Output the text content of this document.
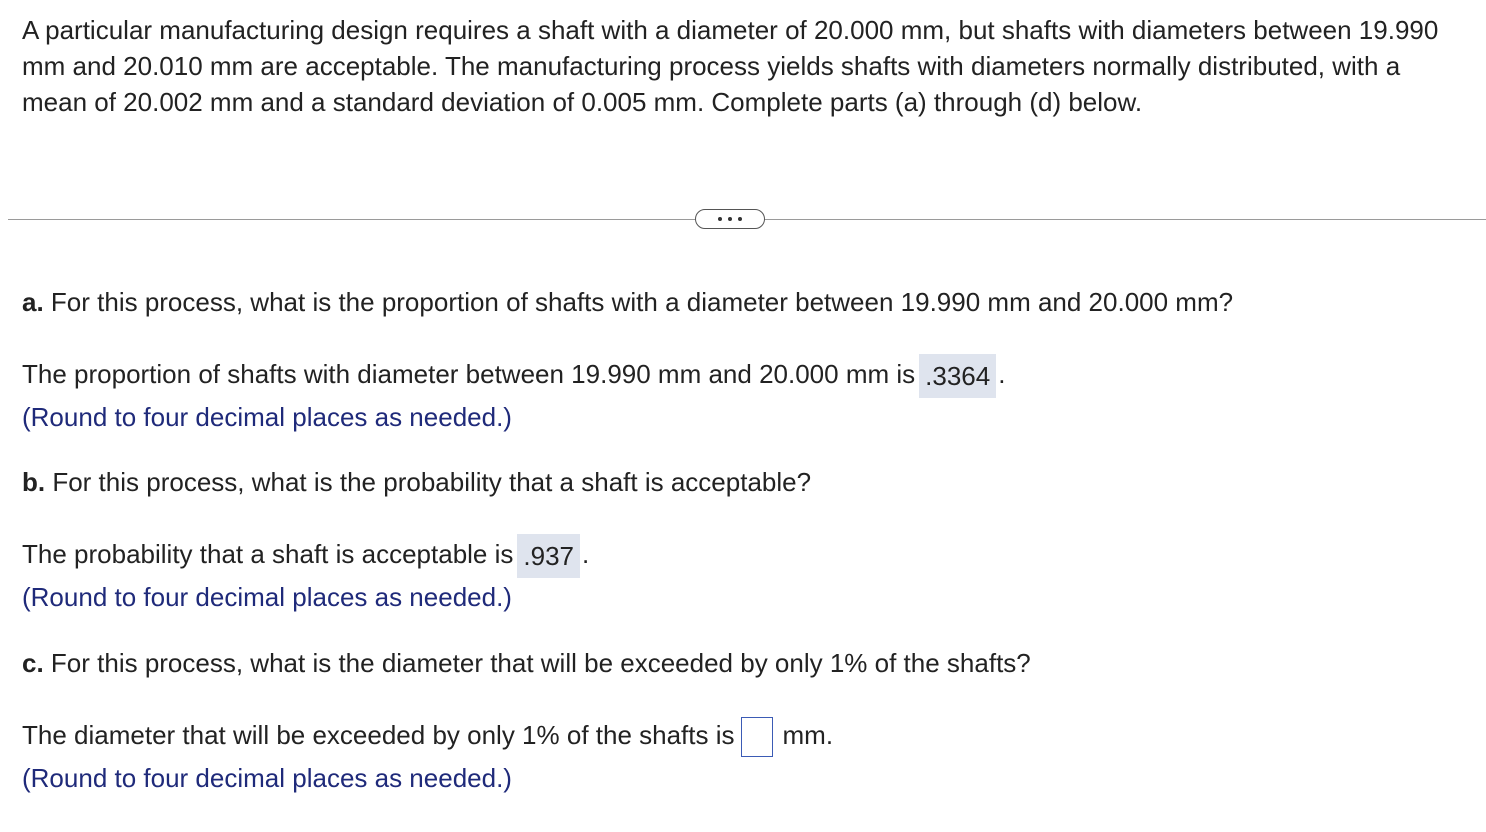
A particular manufacturing design requires a shaft with a diameter of 20.000 mm, but shafts with diameters between 19.990 mm and 20.010 mm are acceptable. The manufacturing process yields shafts with diameters normally distributed, with a mean of 20.002 mm and a standard deviation of 0.005 mm. Complete parts (a) through (d) below.

a. For this process, what is the proportion of shafts with a diameter between 19.990 mm and 20.000 mm?

The proportion of shafts with diameter between 19.990 mm and 20.000 mm is .3364 .

(Round to four decimal places as needed.)

b. For this process, what is the probability that a shaft is acceptable?

The probability that a shaft is acceptable is .937 .

(Round to four decimal places as needed.)

c. For this process, what is the diameter that will be exceeded by only 1% of the shafts?

The diameter that will be exceeded by only 1% of the shafts is mm.

(Round to four decimal places as needed.)
